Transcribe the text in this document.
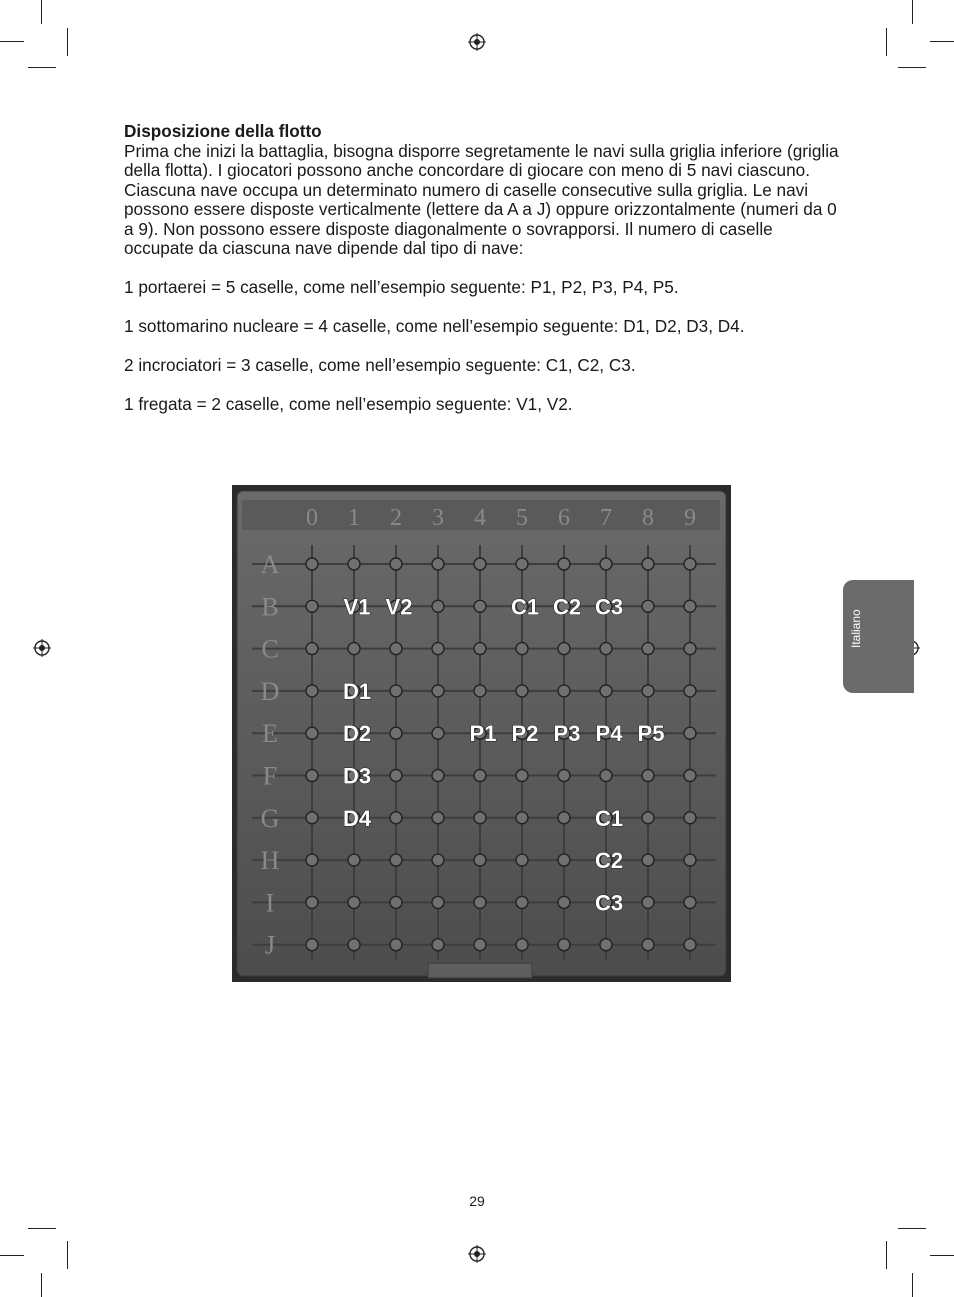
Disposizione della flotto

Prima che inizi la battaglia, bisogna disporre segretamente le navi sulla griglia inferiore (griglia della flotta). I giocatori possono anche concordare di giocare con meno di 5 navi ciascuno.

Ciascuna nave occupa un determinato numero di caselle consecutive sulla griglia. Le navi possono essere disposte verticalmente (lettere da A a J) oppure orizzontalmente (numeri da 0 a 9). Non possono essere disposte diagonalmente o sovrapporsi. Il numero di caselle occupate da ciascuna nave dipende dal tipo di nave:

1 portaerei = 5 caselle, come nell’esempio seguente: P1, P2, P3, P4, P5.

1 sottomarino nucleare = 4 caselle, come nell’esempio seguente: D1, D2, D3, D4.

2 incrociatori = 3 caselle, come nell’esempio seguente: C1, C2, C3.

1 fregata = 2 caselle, come nell’esempio seguente: V1, V2.

0 1 2 3 4 5 6 7 8 9
A
B
C
D
E
F
G
H
I
J
V1 V2	C1 C2 C3
D1
D2
D3
D4
P1 P2 P3 P4 P5
C1
C2
C3
Italiano
29
